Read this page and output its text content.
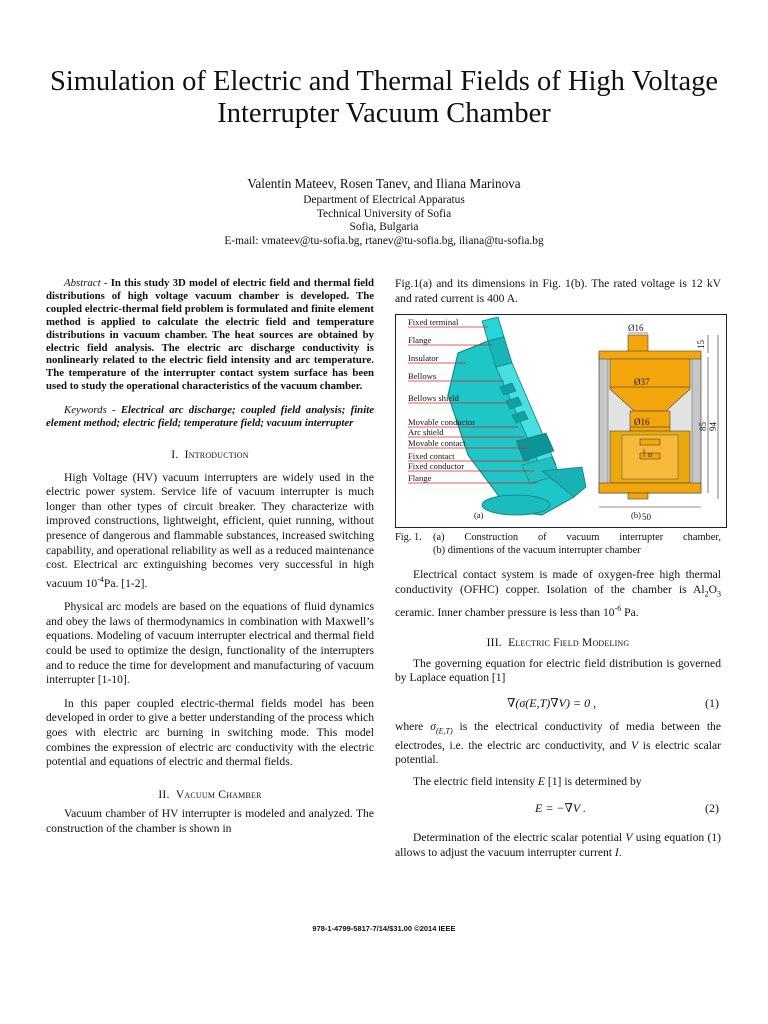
Simulation of Electric and Thermal Fields of High Voltage Interrupter Vacuum Chamber
Valentin Mateev, Rosen Tanev, and Iliana Marinova
Department of Electrical Apparatus
Technical University of Sofia
Sofia, Bulgaria
E-mail: vmateev@tu-sofia.bg, rtanev@tu-sofia.bg, iliana@tu-sofia.bg

Abstract - In this study 3D model of electric field and thermal field distributions of high voltage vacuum chamber is developed. The coupled electric-thermal field problem is formulated and finite element method is applied to calculate the electric field and temperature distributions in vacuum chamber. The heat sources are obtained by electric field analysis. The electric arc discharge conductivity is nonlinearly related to the electric field intensity and arc temperature. The temperature of the interrupter contact system surface has been used to study the operational characteristics of the vacuum chamber.

Keywords - Electrical arc discharge; coupled field analysis; finite element method; electric field; temperature field; vacuum interrupter

I. Introduction

High Voltage (HV) vacuum interrupters are widely used in the electric power system. Service life of vacuum interrupter is much longer than other types of circuit breaker. They characterize with improved constructions, lightweight, efficient, quiet running, without presence of dangerous and flammable substances, increased switching capability, and operational reliability as well as a reduced maintenance cost. Electrical arc extinguishing becomes very successful in high vacuum $10^{-4}Pa$. [1-2].

Physical arc models are based on the equations of fluid dynamics and obey the laws of thermodynamics in combination with Maxwell’s equations. Modeling of vacuum interrupter electrical and thermal field could be used to optimize the design, functionality of the interrupters and to reduce the time for development and manufacturing of vacuum interrupter [1-10].

In this paper coupled electric-thermal fields model has been developed in order to give a better understanding of the process which goes with electric arc burning in switching mode. This model combines the expression of electric arc conductivity with the electric potential and equations of electric and thermal fields.

II. Vacuum Chamber

Vacuum chamber of HV interrupter is modeled and analyzed. The construction of the chamber is shown in

Fig.1(a) and its dimensions in Fig. 1(b). The rated voltage is 12 kV and rated current is 400 A.

Fixed terminal
Flange
Insulator
Bellows
Bellows shield
Movable conductor
Arc shield
Movable contact
Fixed contact
Fixed conductor
Flange
(a)
Ø16
Ø37
Ø16
50
D
15
85 94
(b)
Fig. 1.	(a) Construction of vacuum interrupter chamber,
(b) dimentions of the vacuum interrupter chamber

Electrical contact system is made of oxygen-free high thermal conductivity (OFHC) copper. Isolation of the chamber is $Al_2O_3$ ceramic. Inner chamber pressure is less than $10^{-6}$ Pa.

III. Electric Field Modeling

The governing equation for electric field distribution is governed by Laplace equation [1]

∇(σ(E,T)∇V) = 0 ,	(1)

where $\sigma_{(E,T)}$ is the electrical conductivity of media between the electrodes, i.e. the electric arc conductivity, and V is electric scalar potential.

The electric field intensity E [1] is determined by

E = −∇V .	(2)

Determination of the electric scalar potential V using equation (1) allows to adjust the vacuum interrupter current I.

978-1-4799-5817-7/14/$31.00 ©2014 IEEE
